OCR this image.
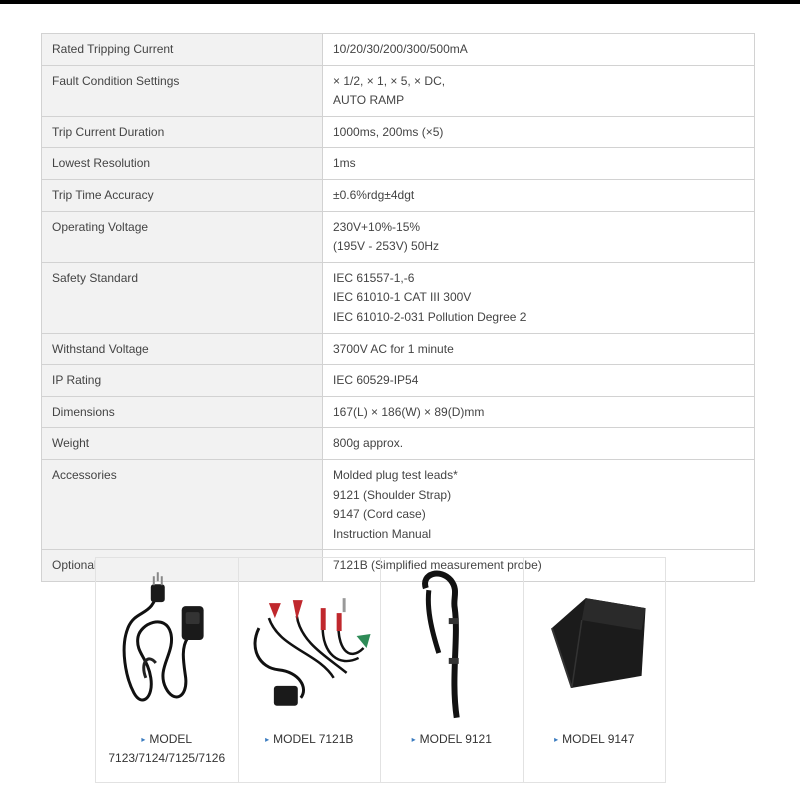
Rated Tripping Current	10/20/30/200/300/500mA

Fault Condition Settings	× 1/2, × 1, × 5, × DC,
AUTO RAMP

Trip Current Duration	1000ms, 200ms (×5)

Lowest Resolution	1ms

Trip Time Accuracy	±0.6%rdg±4dgt

Operating Voltage	230V+10%-15%
(195V - 253V) 50Hz

Safety Standard	IEC 61557-1,-6
IEC 61010-1 CAT III 300V
IEC 61010-2-031 Pollution Degree 2

Withstand Voltage	3700V AC for 1 minute

IP Rating	IEC 60529-IP54

Dimensions	167(L) × 186(W) × 89(D)mm

Weight	800g approx.

Accessories	Molded plug test leads*
9121 (Shoulder Strap)
9147 (Cord case)
Instruction Manual

Optional	7121B (Simplified measurement probe)
▸ MODEL
7123/7124/7125/7126
▸ MODEL 7121B	▸ MODEL 9121	▸ MODEL 9147
